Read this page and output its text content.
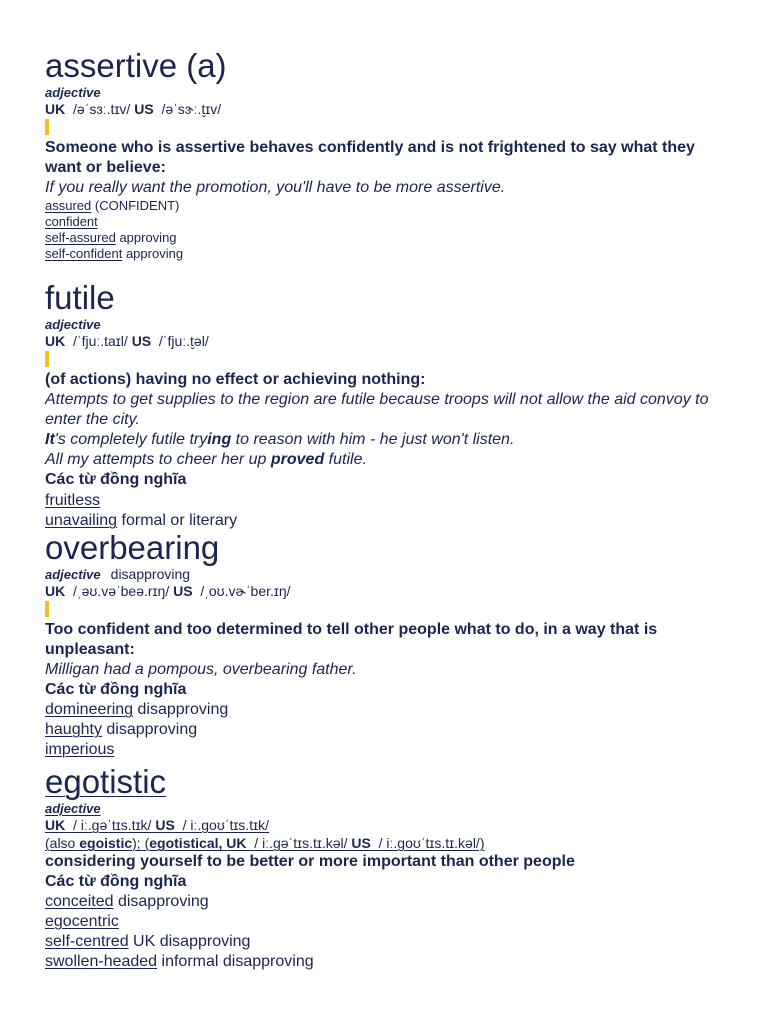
assertive (a)
adjective
UK /əˈsɜː.tɪv/ US /əˈsɝː.t̬ɪv/
Someone who is assertive behaves confidently and is not frightened to say what they want or believe:
If you really want the promotion, you'll have to be more assertive.
assured (CONFIDENT)
confident
self-assured approving
self-confident approving
futile
adjective
UK /ˈfjuː.taɪl/ US /ˈfjuː.t̬əl/
(of actions) having no effect or achieving nothing:
Attempts to get supplies to the region are futile because troops will not allow the aid convoy to enter the city.
It's completely futile trying to reason with him - he just won't listen.
All my attempts to cheer her up proved futile.
Các từ đồng nghĩa
fruitless
unavailing formal or literary
overbearing
adjective disapproving
UK /ˌəʊ.vəˈbeə.rɪŋ/ US /ˌoʊ.vɚˈber.ɪŋ/
Too confident and too determined to tell other people what to do, in a way that is unpleasant:
Milligan had a pompous, overbearing father.
Các từ đồng nghĩa
domineering disapproving
haughty disapproving
imperious
egotistic
adjective
UK / iː.ɡəˈtɪs.tɪk/ US / iː.ɡoʊˈtɪs.tɪk/
(also egoistic); (egotistical, UK / iː.ɡəˈtɪs.tɪ.kəl/ US / iː.ɡoʊˈtɪs.tɪ.kəl/)
considering yourself to be better or more important than other people
Các từ đồng nghĩa
conceited disapproving
egocentric
self-centred UK disapproving
swollen-headed informal disapproving
